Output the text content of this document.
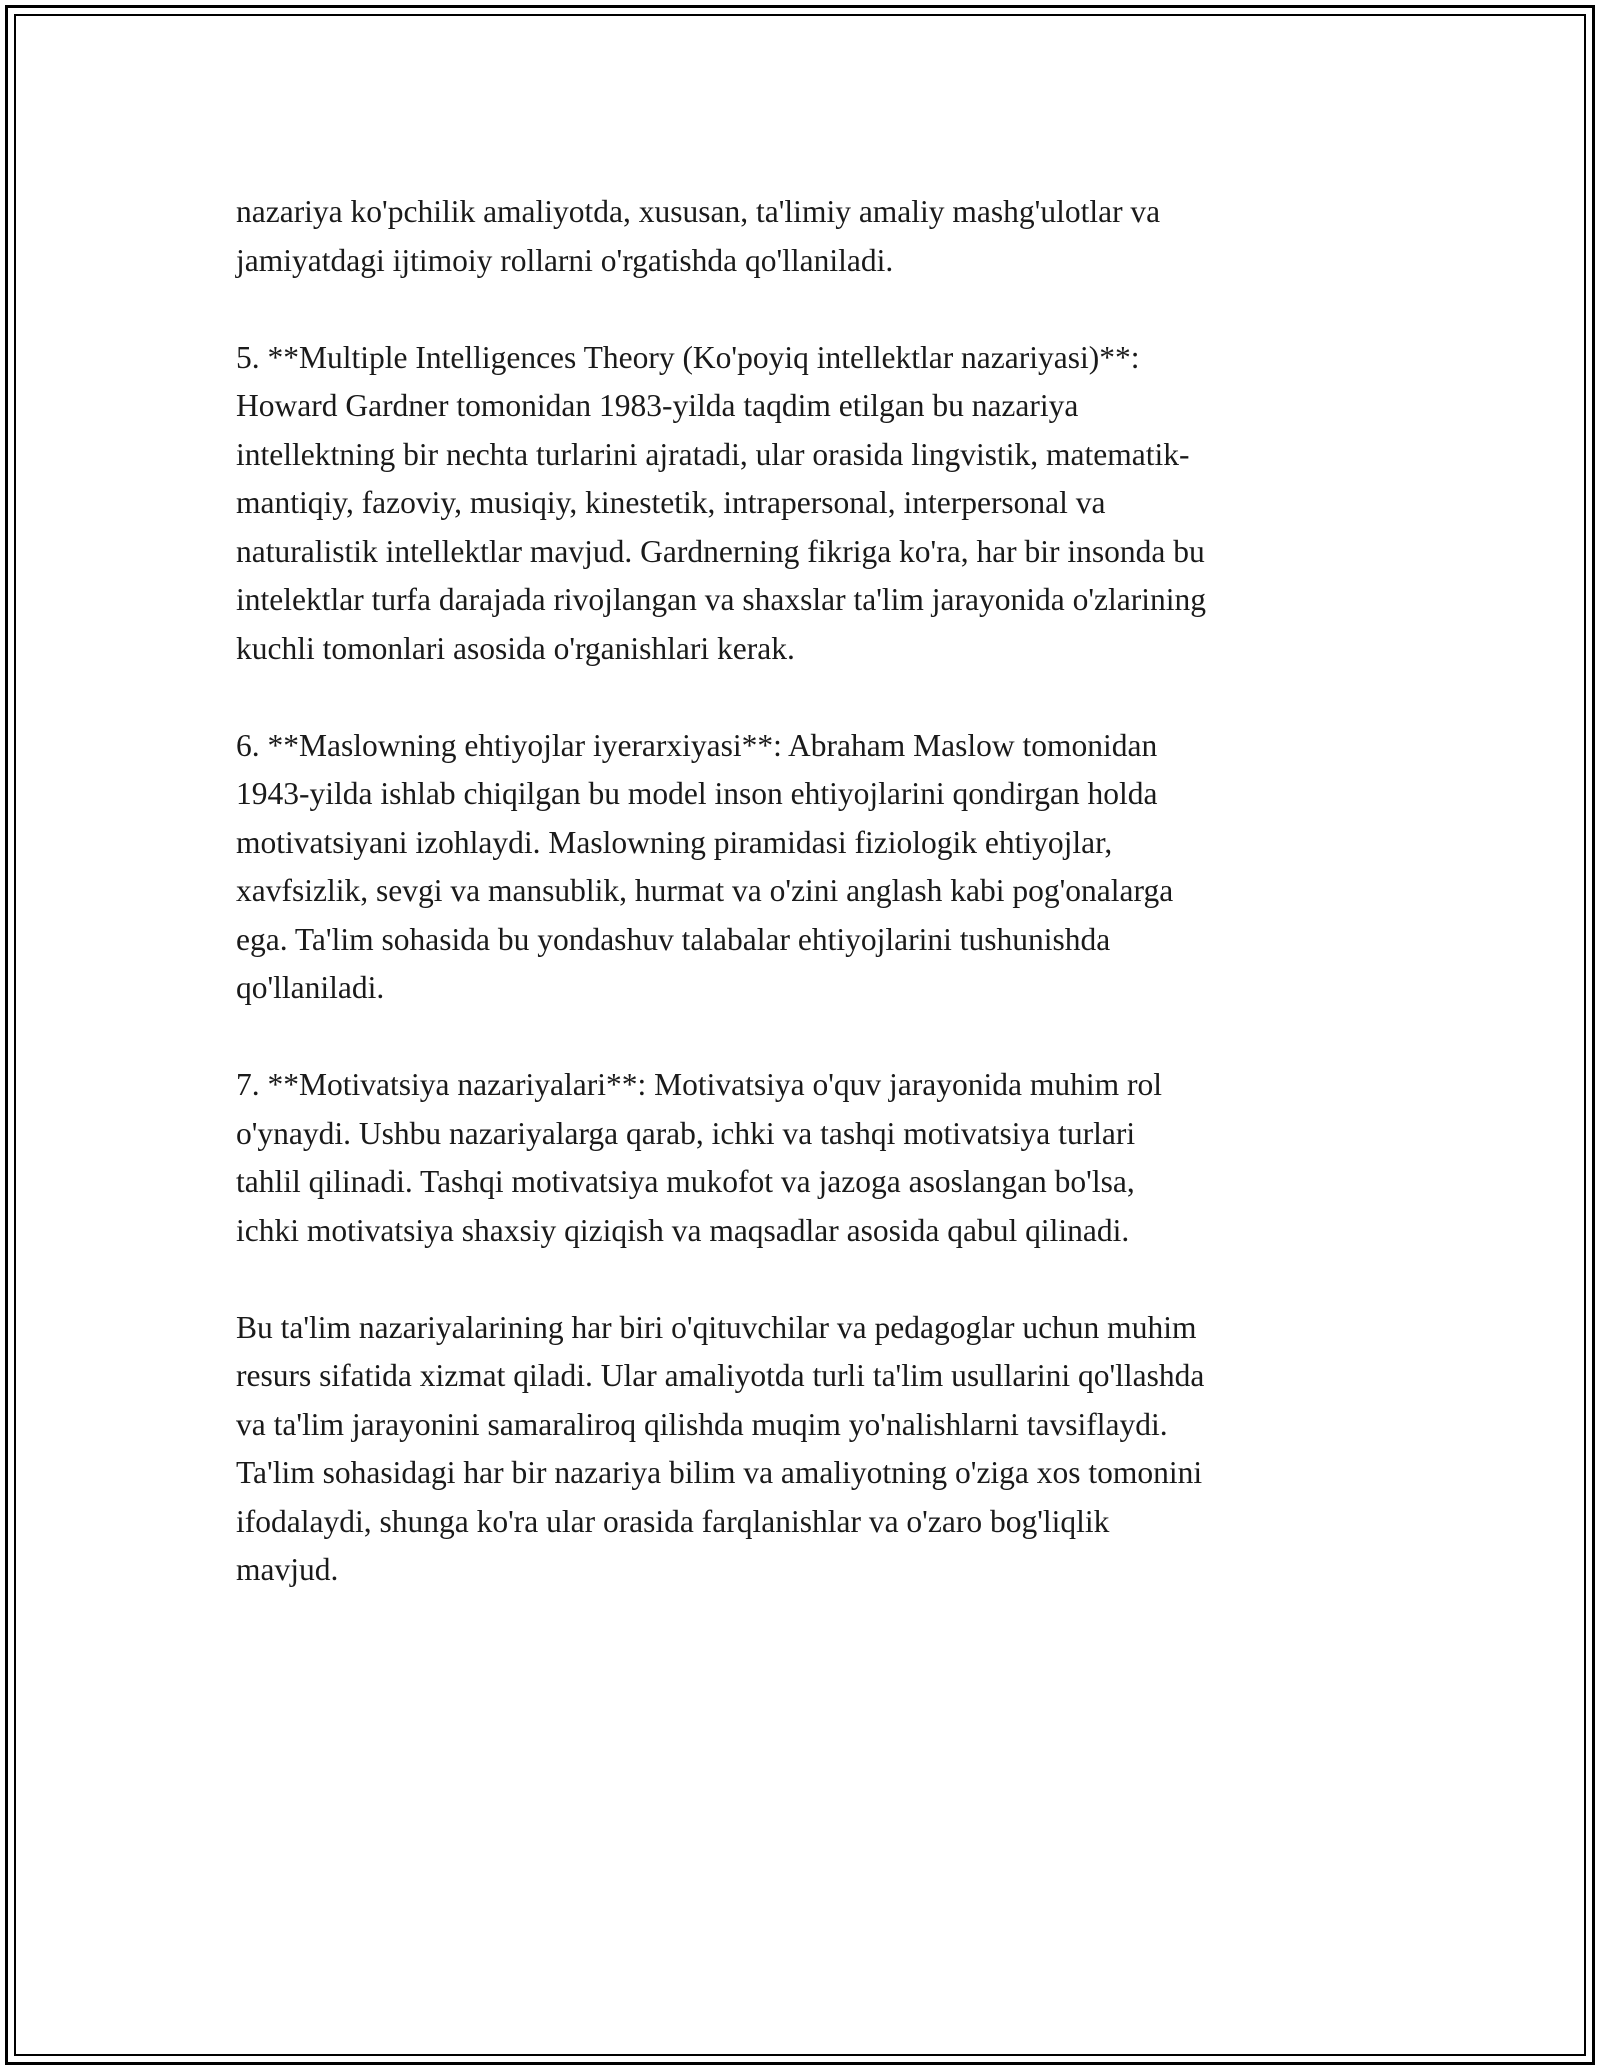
nazariya ko'pchilik amaliyotda, xususan, ta'limiy amaliy mashg'ulotlar va
jamiyatdagi ijtimoiy rollarni o'rgatishda qo'llaniladi.

5. **Multiple Intelligences Theory (Ko'poyiq intellektlar nazariyasi)**:
Howard Gardner tomonidan 1983-yilda taqdim etilgan bu nazariya
intellektning bir nechta turlarini ajratadi, ular orasida lingvistik, matematik-
mantiqiy, fazoviy, musiqiy, kinestetik, intrapersonal, interpersonal va
naturalistik intellektlar mavjud. Gardnerning fikriga ko'ra, har bir insonda bu
intelektlar turfa darajada rivojlangan va shaxslar ta'lim jarayonida o'zlarining
kuchli tomonlari asosida o'rganishlari kerak.

6. **Maslowning ehtiyojlar iyerarxiyasi**: Abraham Maslow tomonidan
1943-yilda ishlab chiqilgan bu model inson ehtiyojlarini qondirgan holda
motivatsiyani izohlaydi. Maslowning piramidasi fiziologik ehtiyojlar,
xavfsizlik, sevgi va mansublik, hurmat va o'zini anglash kabi pog'onalarga
ega. Ta'lim sohasida bu yondashuv talabalar ehtiyojlarini tushunishda
qo'llaniladi.

7. **Motivatsiya nazariyalari**: Motivatsiya o'quv jarayonida muhim rol
o'ynaydi. Ushbu nazariyalarga qarab, ichki va tashqi motivatsiya turlari
tahlil qilinadi. Tashqi motivatsiya mukofot va jazoga asoslangan bo'lsa,
ichki motivatsiya shaxsiy qiziqish va maqsadlar asosida qabul qilinadi.

Bu ta'lim nazariyalarining har biri o'qituvchilar va pedagoglar uchun muhim
resurs sifatida xizmat qiladi. Ular amaliyotda turli ta'lim usullarini qo'llashda
va ta'lim jarayonini samaraliroq qilishda muqim yo'nalishlarni tavsiflaydi.
Ta'lim sohasidagi har bir nazariya bilim va amaliyotning o'ziga xos tomonini
ifodalaydi, shunga ko'ra ular orasida farqlanishlar va o'zaro bog'liqlik
mavjud.
